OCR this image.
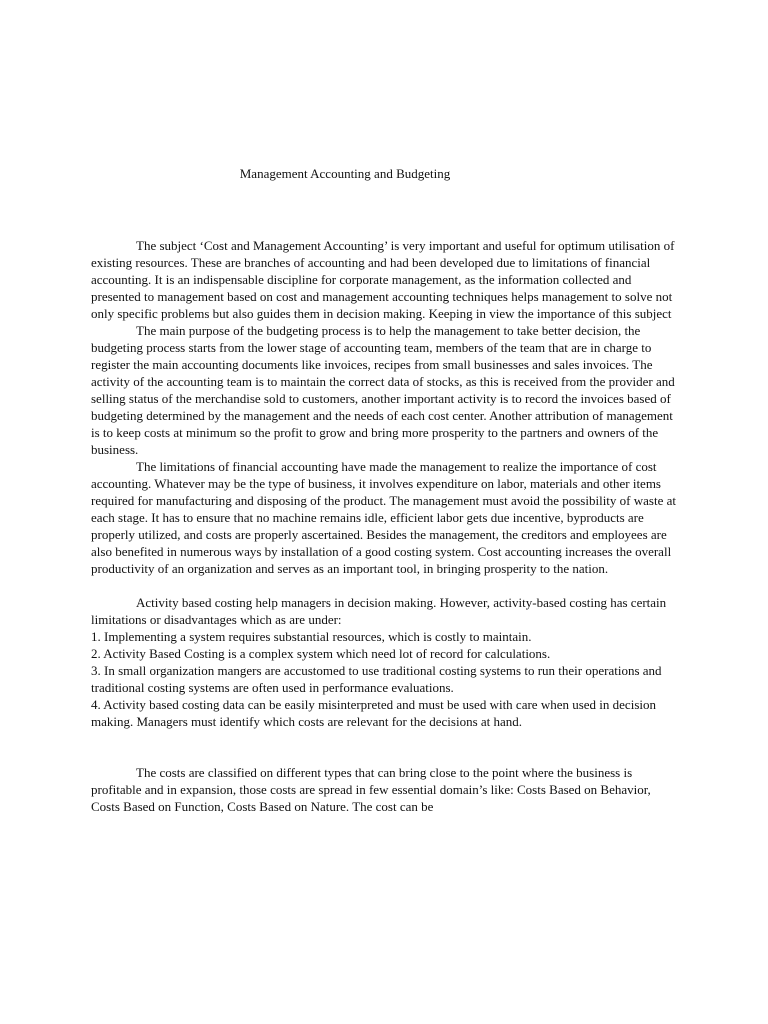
Management Accounting and Budgeting

The subject ‘Cost and Management Accounting’ is very important and useful for optimum utilisation of existing resources. These are branches of accounting and had been developed due to limitations of financial accounting. It is an indispensable discipline for corporate management, as the information collected and presented to management based on cost and management accounting techniques helps management to solve not only specific problems but also guides them in decision making. Keeping in view the importance of this subject

The main purpose of the budgeting process is to help the management to take better decision, the budgeting process starts from the lower stage of accounting team, members of the team that are in charge to register the main accounting documents like invoices, recipes from small businesses and sales invoices. The activity of the accounting team is to maintain the correct data of stocks, as this is received from the provider and selling status of the merchandise sold to customers, another important activity is to record the invoices based of budgeting determined by the management and the needs of each cost center. Another attribution of management is to keep costs at minimum so the profit to grow and bring more prosperity to the partners and owners of the business.

The limitations of financial accounting have made the management to realize the importance of cost accounting. Whatever may be the type of business, it involves expenditure on labor, materials and other items required for manufacturing and disposing of the product. The management must avoid the possibility of waste at each stage. It has to ensure that no machine remains idle, efficient labor gets due incentive, byproducts are properly utilized, and costs are properly ascertained. Besides the management, the creditors and employees are also benefited in numerous ways by installation of a good costing system. Cost accounting increases the overall productivity of an organization and serves as an important tool, in bringing prosperity to the nation.

Activity based costing help managers in decision making. However, activity-based costing has certain limitations or disadvantages which as are under:

1. Implementing a system requires substantial resources, which is costly to maintain.

2. Activity Based Costing is a complex system which need lot of record for calculations.

3. In small organization mangers are accustomed to use traditional costing systems to run their operations and traditional costing systems are often used in performance evaluations.

4. Activity based costing data can be easily misinterpreted and must be used with care when used in decision making. Managers must identify which costs are relevant for the decisions at hand.

The costs are classified on different types that can bring close to the point where the business is profitable and in expansion, those costs are spread in few essential domain’s like: Costs Based on Behavior, Costs Based on Function, Costs Based on Nature. The cost can be
